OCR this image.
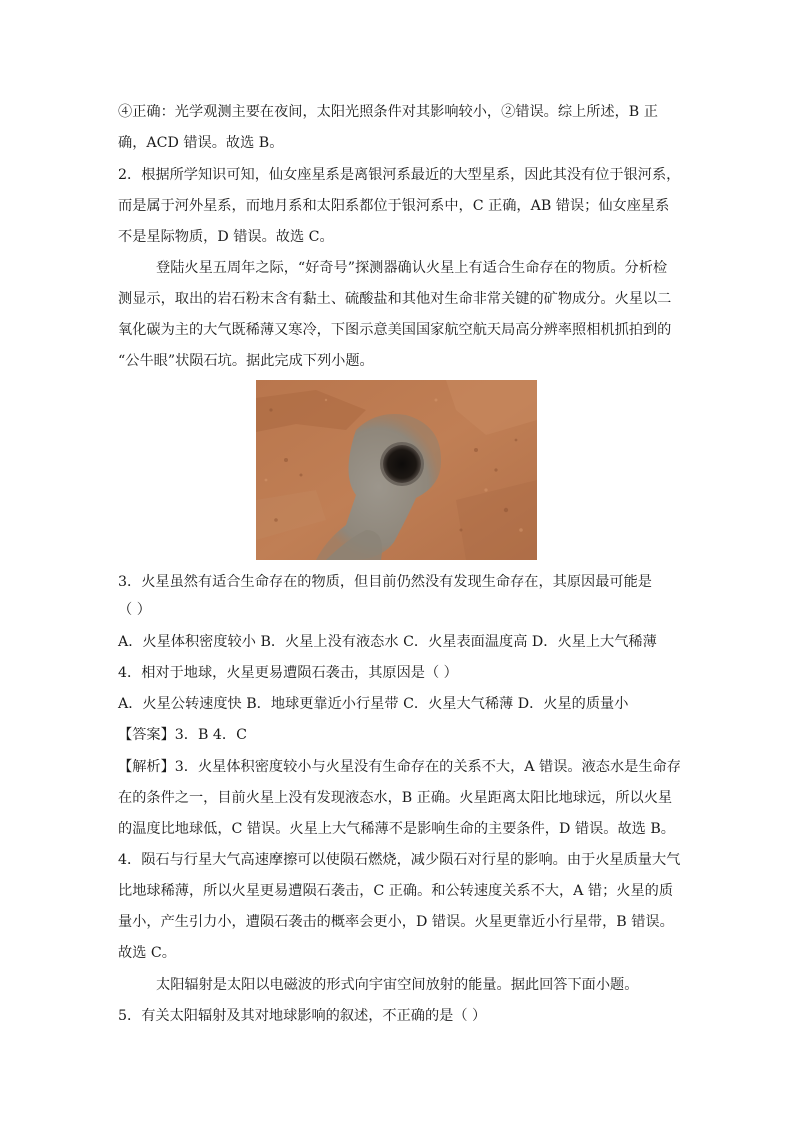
④正确：光学观测主要在夜间，太阳光照条件对其影响较小，②错误。综上所述，B 正
确，ACD 错误。故选 B。
2．根据所学知识可知，仙女座星系是离银河系最近的大型星系，因此其没有位于银河系，
而是属于河外星系，而地月系和太阳系都位于银河系中，C 正确，AB 错误；仙女座星系
不是星际物质，D 错误。故选 C。
登陆火星五周年之际，“好奇号”探测器确认火星上有适合生命存在的物质。分析检
测显示，取出的岩石粉末含有黏土、硫酸盐和其他对生命非常关键的矿物成分。火星以二
氧化碳为主的大气既稀薄又寒冷，下图示意美国国家航空航天局高分辨率照相机抓拍到的
“公牛眼”状陨石坑。据此完成下列小题。
3．火星虽然有适合生命存在的物质，但目前仍然没有发现生命存在，其原因最可能是
（ ）
A．火星体积密度较小 B．火星上没有液态水 C．火星表面温度高 D．火星上大气稀薄
4．相对于地球，火星更易遭陨石袭击，其原因是（ ）
A．火星公转速度快 B．地球更靠近小行星带 C．火星大气稀薄 D．火星的质量小
【答案】3．B 4．C
【解析】3．火星体积密度较小与火星没有生命存在的关系不大，A 错误。液态水是生命存
在的条件之一，目前火星上没有发现液态水，B 正确。火星距离太阳比地球远，所以火星
的温度比地球低，C 错误。火星上大气稀薄不是影响生命的主要条件，D 错误。故选 B。
4．陨石与行星大气高速摩擦可以使陨石燃烧，减少陨石对行星的影响。由于火星质量大气
比地球稀薄，所以火星更易遭陨石袭击，C 正确。和公转速度关系不大，A 错；火星的质
量小，产生引力小，遭陨石袭击的概率会更小，D 错误。火星更靠近小行星带，B 错误。
故选 C。
太阳辐射是太阳以电磁波的形式向宇宙空间放射的能量。据此回答下面小题。
5．有关太阳辐射及其对地球影响的叙述，不正确的是（ ）
